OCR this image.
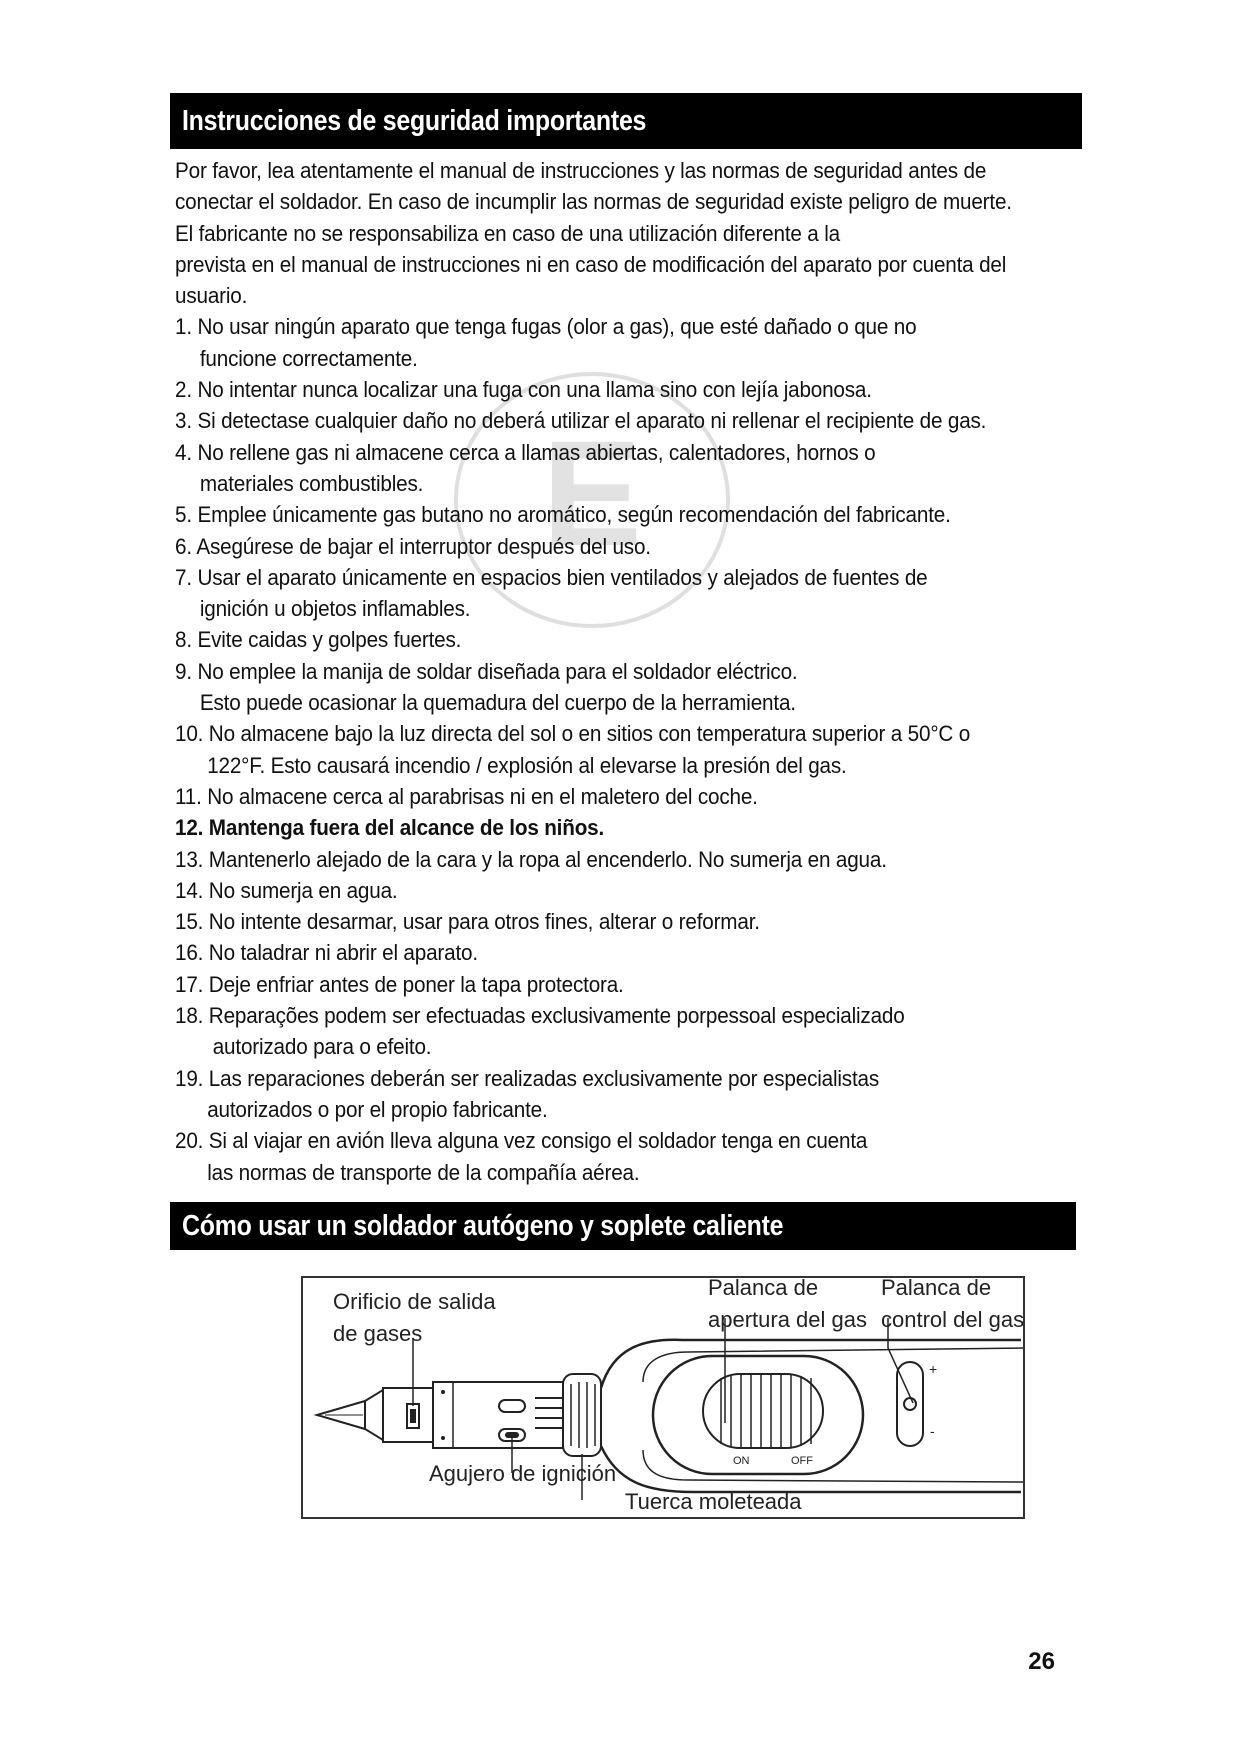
E
Instrucciones de seguridad importantes
Por favor, lea atentamente el manual de instrucciones y las normas de seguridad antes de
conectar el soldador. En caso de incumplir las normas de seguridad existe peligro de muerte.
El fabricante no se responsabiliza en caso de una utilización diferente a la
prevista en el manual de instrucciones ni en caso de modificación del aparato por cuenta del
usuario.
1. No usar ningún aparato que tenga fugas (olor a gas), que esté dañado o que no
funcione correctamente.
2. No intentar nunca localizar una fuga con una llama sino con lejía jabonosa.
3. Si detectase cualquier daño no deberá utilizar el aparato ni rellenar el recipiente de gas.
4. No rellene gas ni almacene cerca a llamas abiertas, calentadores, hornos o
materiales combustibles.
5. Emplee únicamente gas butano no aromático, según recomendación del fabricante.
6. Asegúrese de bajar el interruptor después del uso.
7. Usar el aparato únicamente en espacios bien ventilados y alejados de fuentes de
ignición u objetos inflamables.
8. Evite caidas y golpes fuertes.
9. No emplee la manija de soldar diseñada para el soldador eléctrico.
Esto puede ocasionar la quemadura del cuerpo de la herramienta.
10. No almacene bajo la luz directa del sol o en sitios con temperatura superior a 50°C o
122°F. Esto causará incendio / explosión al elevarse la presión del gas.
11. No almacene cerca al parabrisas ni en el maletero del coche.
12. Mantenga fuera del alcance de los niños.
13. Mantenerlo alejado de la cara y la ropa al encenderlo. No sumerja en agua.
14. No sumerja en agua.
15. No intente desarmar, usar para otros fines, alterar o reformar.
16. No taladrar ni abrir el aparato.
17. Deje enfriar antes de poner la tapa protectora.
18. Reparações podem ser efectuadas exclusivamente porpessoal especializado
autorizado para o efeito.
19. Las reparaciones deberán ser realizadas exclusivamente por especialistas
autorizados o por el propio fabricante.
20. Si al viajar en avión lleva alguna vez consigo el soldador tenga en cuenta
las normas de transporte de la compañía aérea.
Cómo usar un soldador autógeno y soplete caliente
ON	OFF
+
-
Orificio de salida
de gases
Palanca de
apertura del gas
Palanca de
control del gas
Agujero de ignición
Tuerca moleteada
26
